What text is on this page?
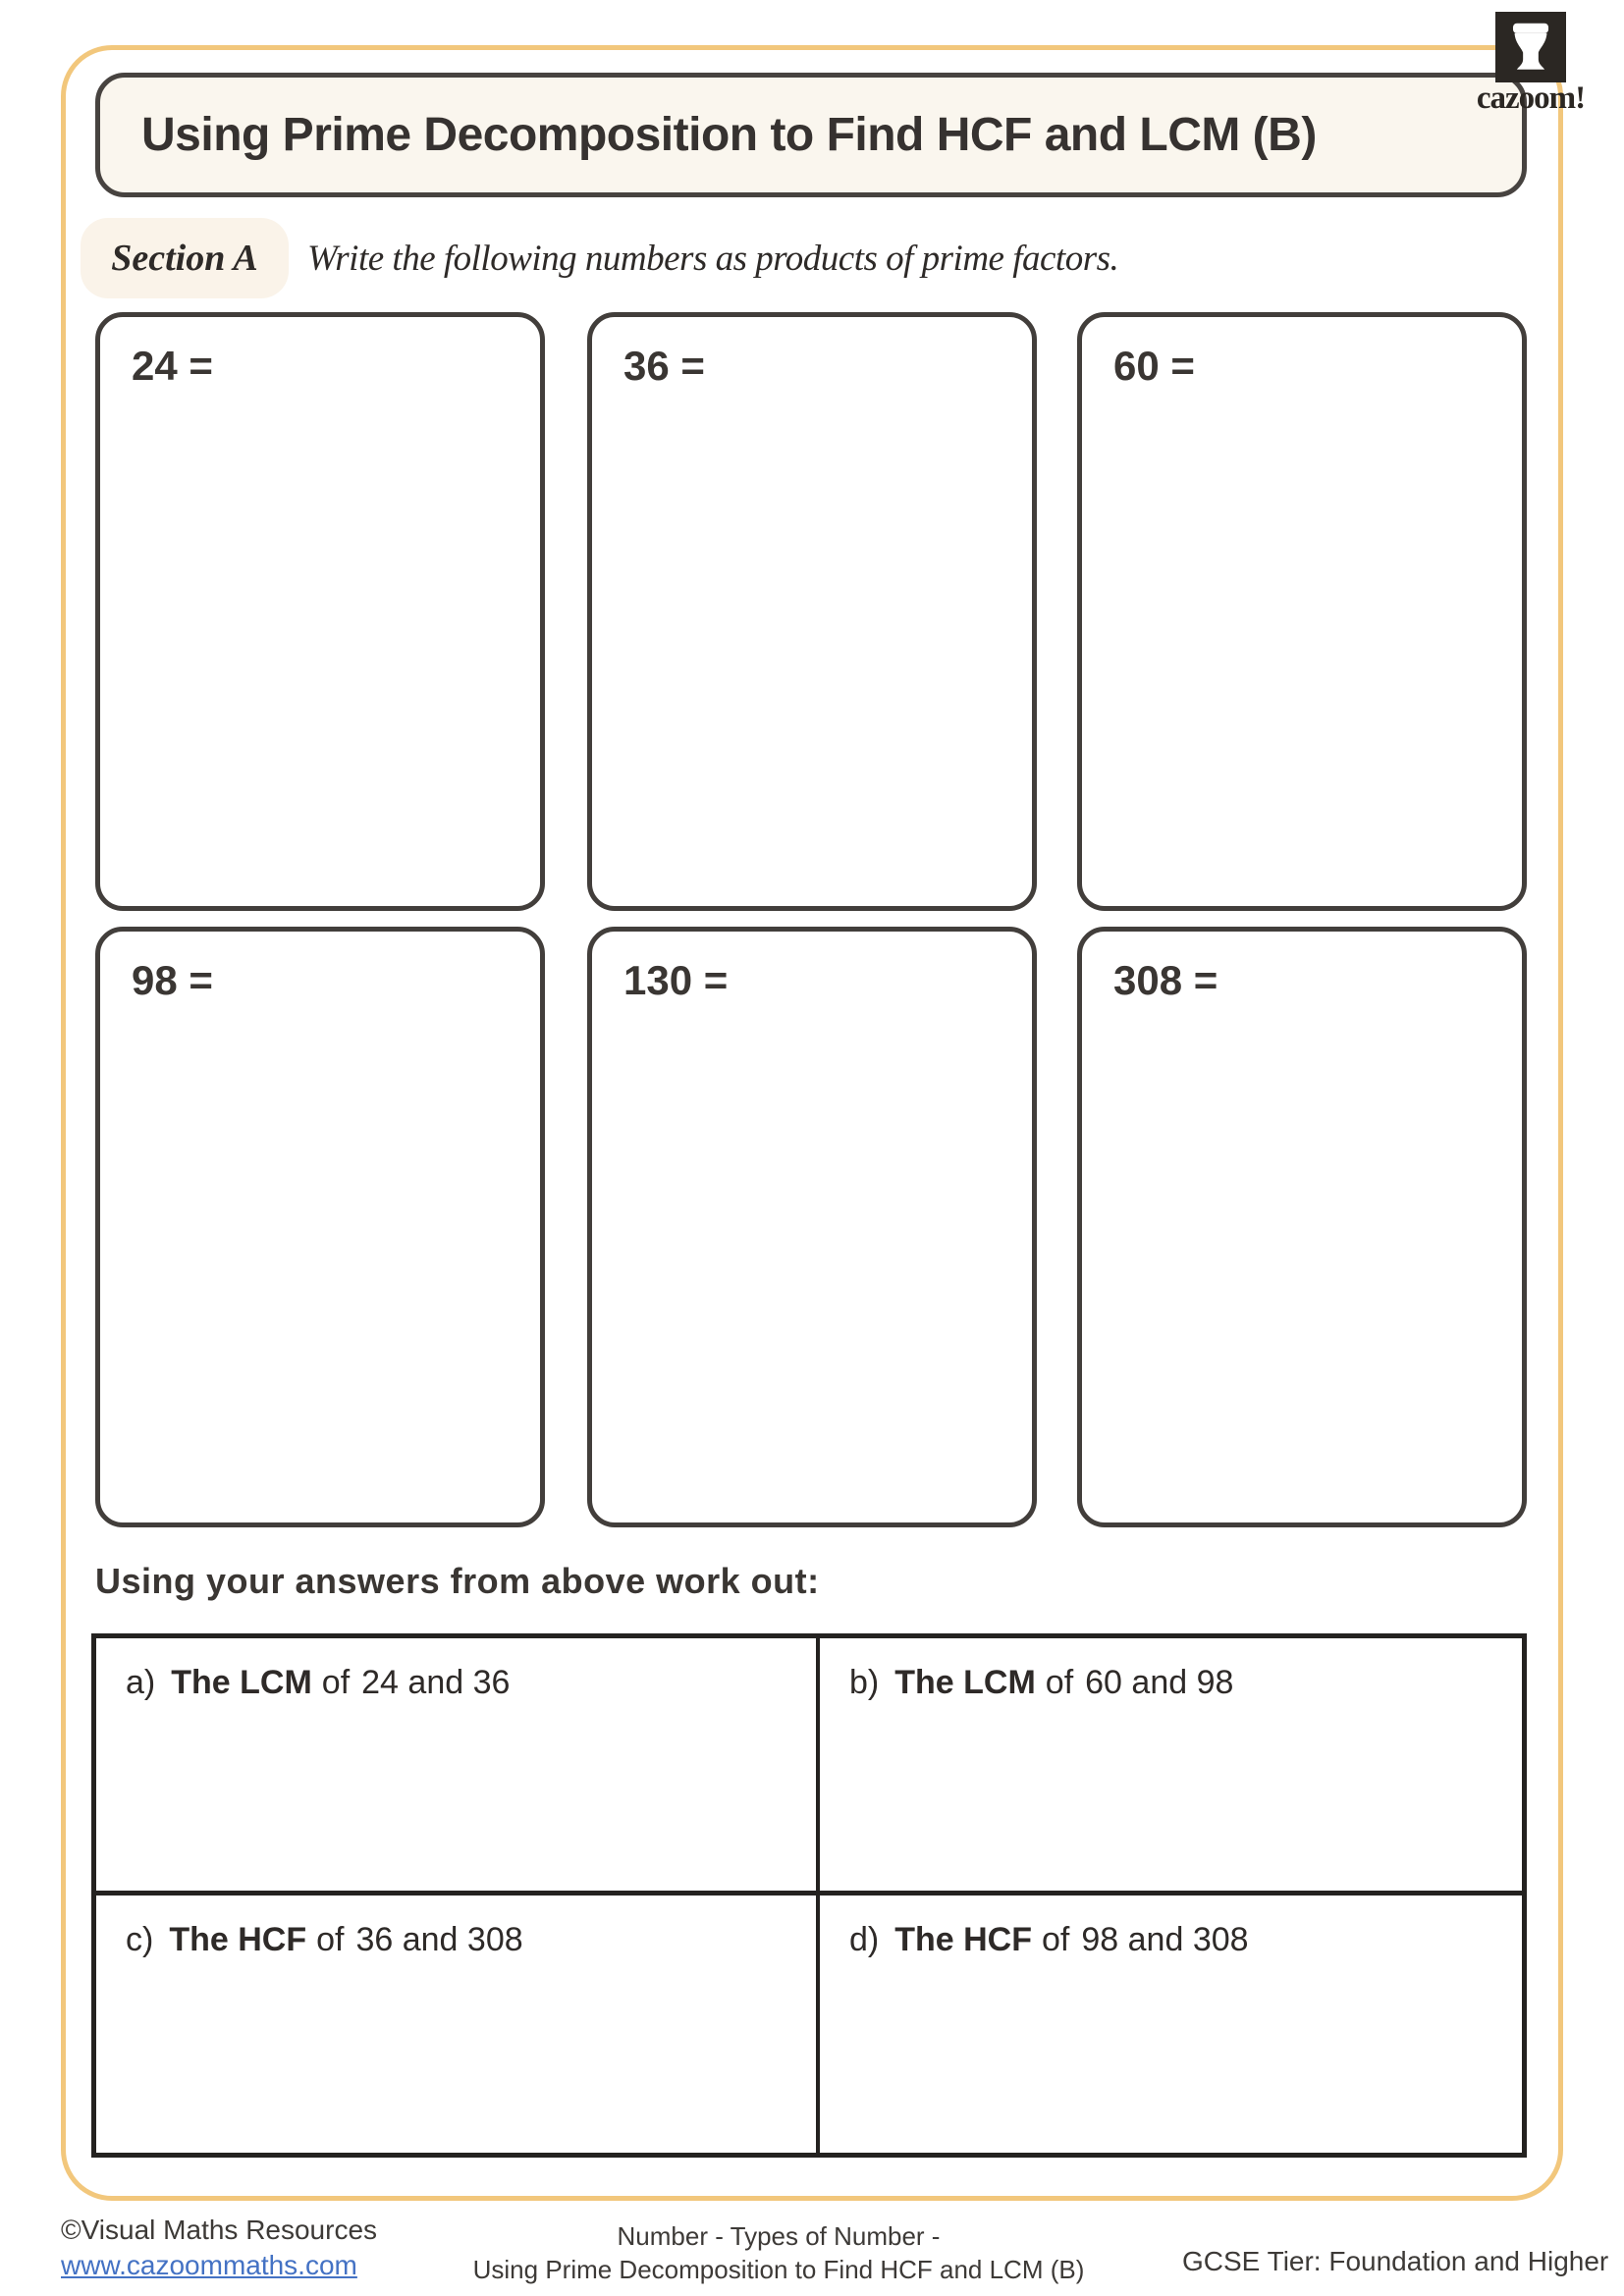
Using Prime Decomposition to Find HCF and LCM (B)
cazoom!
Section A Write the following numbers as products of prime factors.
24 =	36 =	60 =
98 =	130 =	308 =
Using your answers from above work out:
a) The LCM of 24 and 36	b) The LCM of 60 and 98
c) The HCF of 36 and 308	d) The HCF of 98 and 308
©Visual Maths Resources
www.cazoommaths.com
Number - Types of Number -
Using Prime Decomposition to Find HCF and LCM (B)	GCSE Tier: Foundation and Higher
